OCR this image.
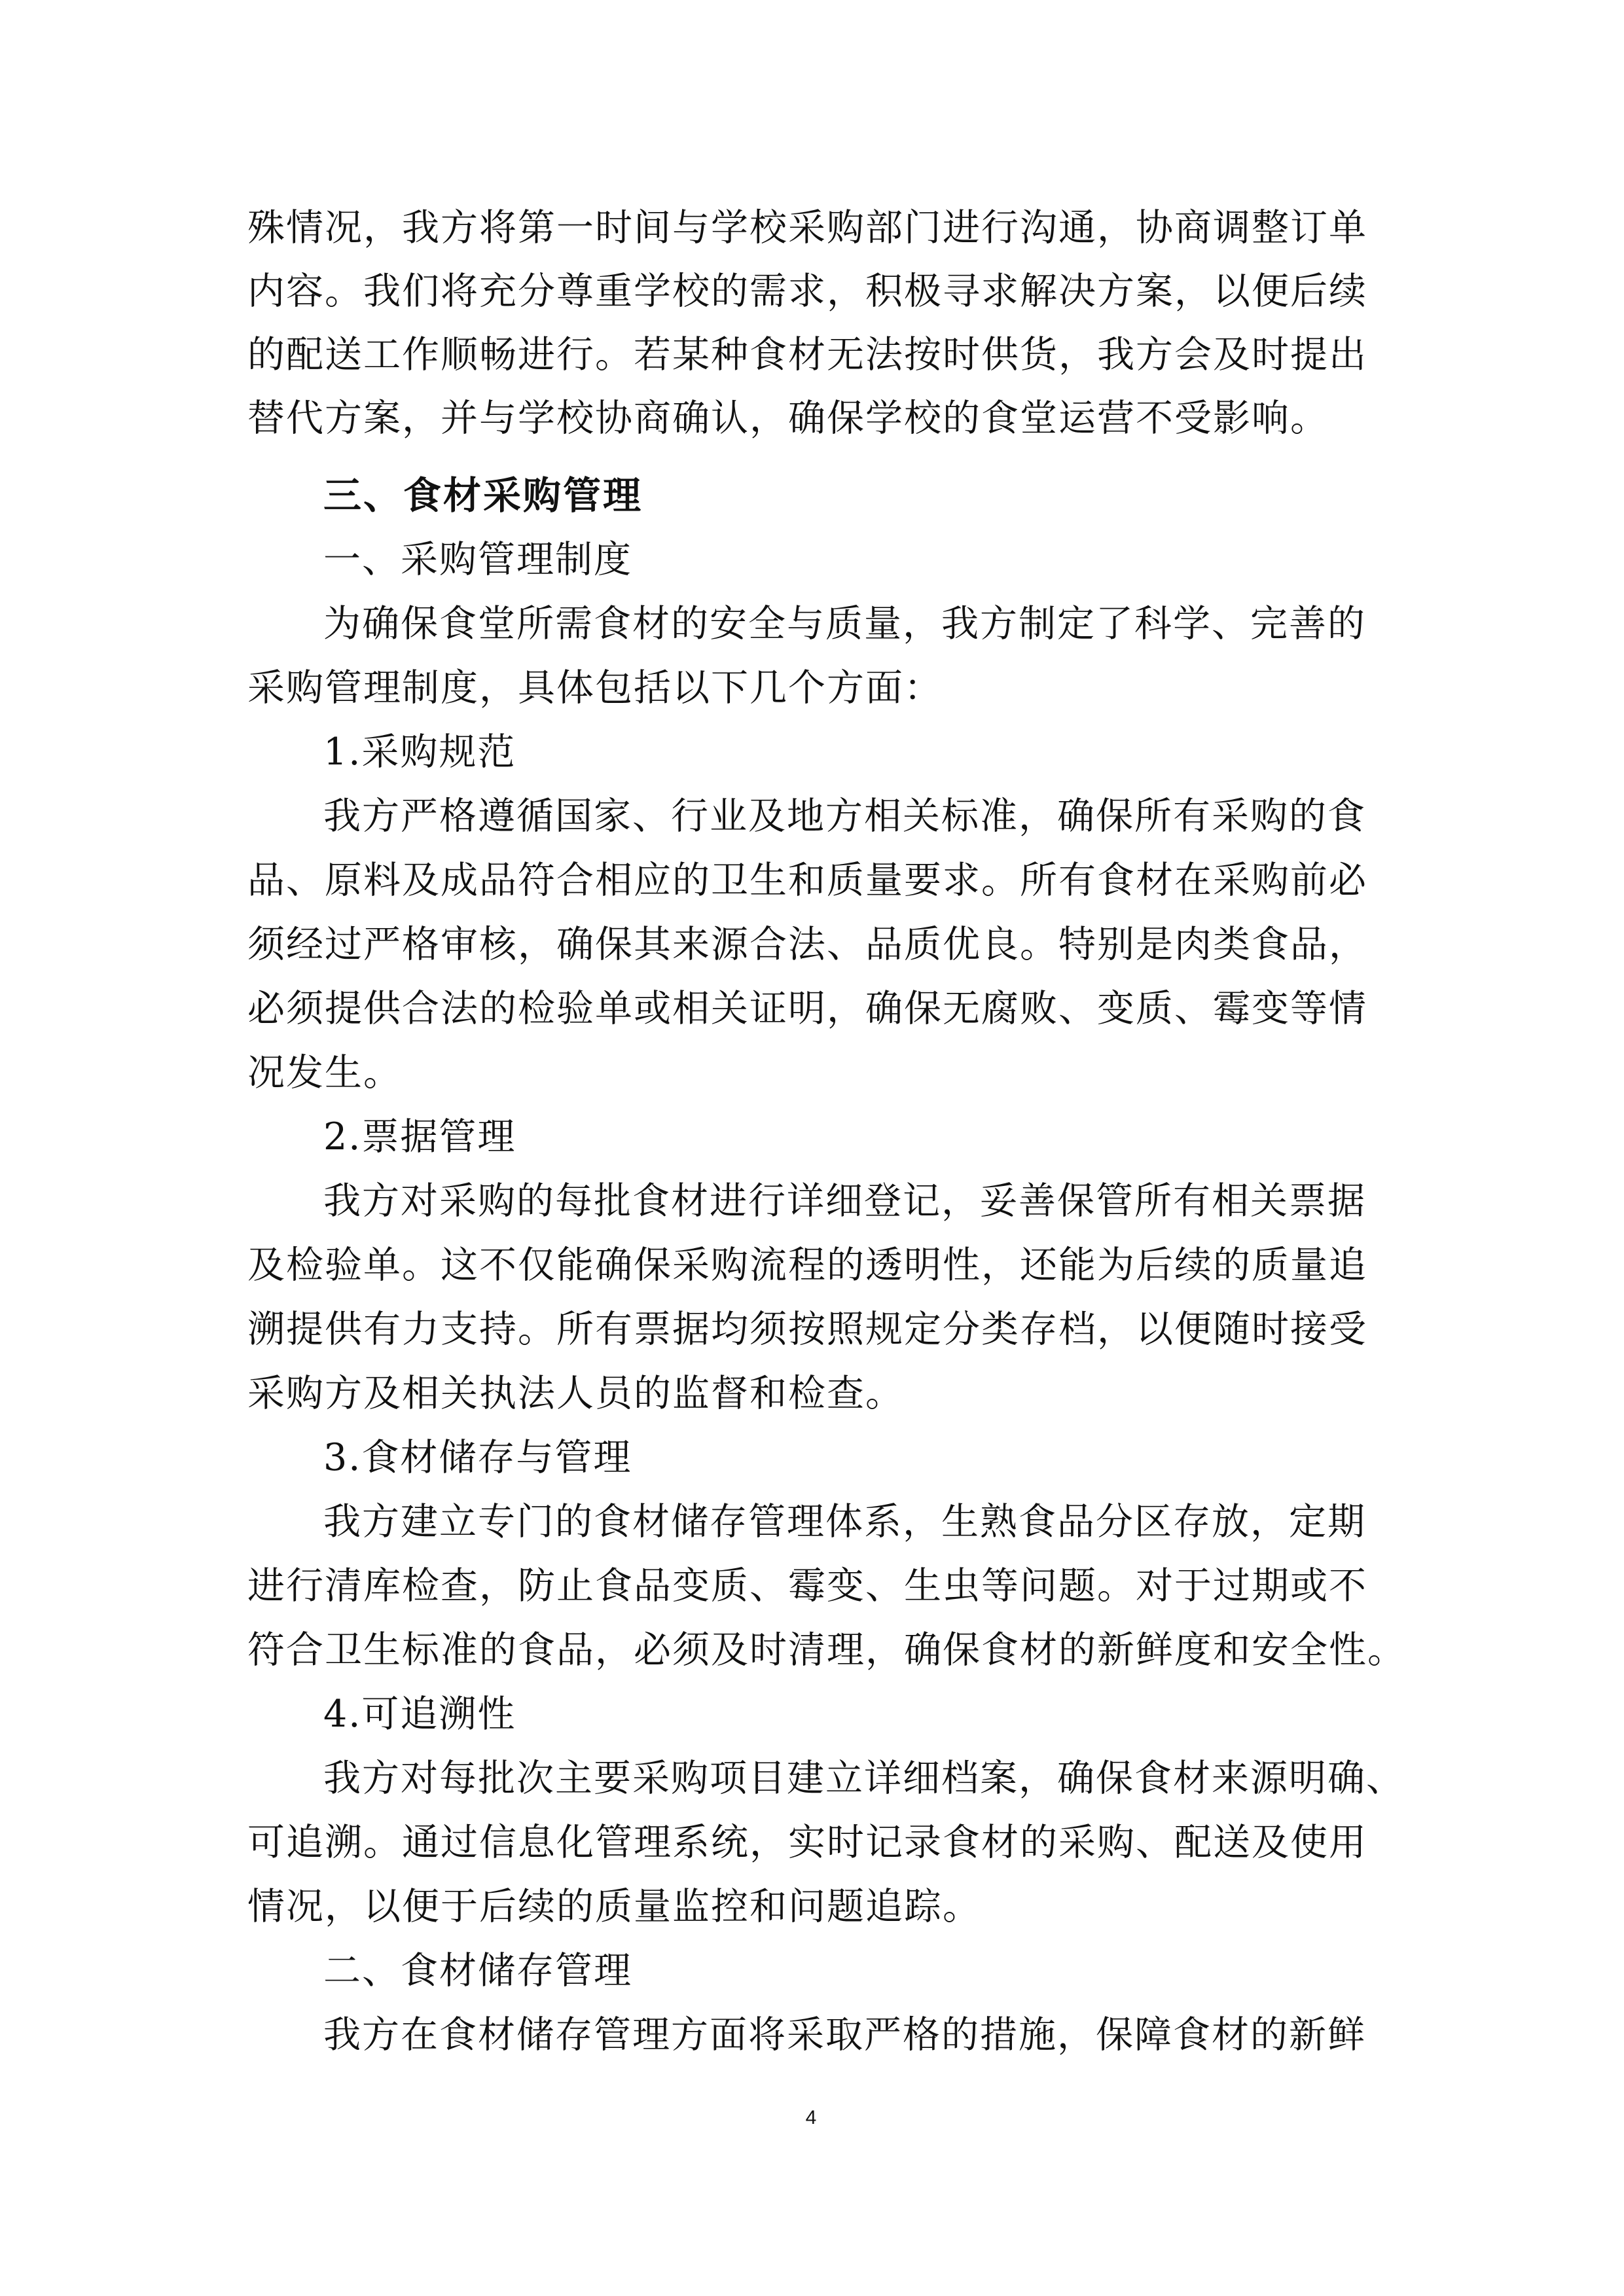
殊情况，我方将第一时间与学校采购部门进行沟通，协商调整订单
内容。我们将充分尊重学校的需求，积极寻求解决方案，以便后续
的配送工作顺畅进行。若某种食材无法按时供货，我方会及时提出
替代方案，并与学校协商确认，确保学校的食堂运营不受影响。
三、食材采购管理
一、采购管理制度
为确保食堂所需食材的安全与质量，我方制定了科学、完善的
采购管理制度，具体包括以下几个方面：
1.采购规范
我方严格遵循国家、行业及地方相关标准，确保所有采购的食
品、原料及成品符合相应的卫生和质量要求。所有食材在采购前必
须经过严格审核，确保其来源合法、品质优良。特别是肉类食品，
必须提供合法的检验单或相关证明，确保无腐败、变质、霉变等情
况发生。
2.票据管理
我方对采购的每批食材进行详细登记，妥善保管所有相关票据
及检验单。这不仅能确保采购流程的透明性，还能为后续的质量追
溯提供有力支持。所有票据均须按照规定分类存档，以便随时接受
采购方及相关执法人员的监督和检查。
3.食材储存与管理
我方建立专门的食材储存管理体系，生熟食品分区存放，定期
进行清库检查，防止食品变质、霉变、生虫等问题。对于过期或不
符合卫生标准的食品，必须及时清理，确保食材的新鲜度和安全性。
4.可追溯性
我方对每批次主要采购项目建立详细档案，确保食材来源明确、
可追溯。通过信息化管理系统，实时记录食材的采购、配送及使用
情况，以便于后续的质量监控和问题追踪。
二、食材储存管理
我方在食材储存管理方面将采取严格的措施，保障食材的新鲜
4
